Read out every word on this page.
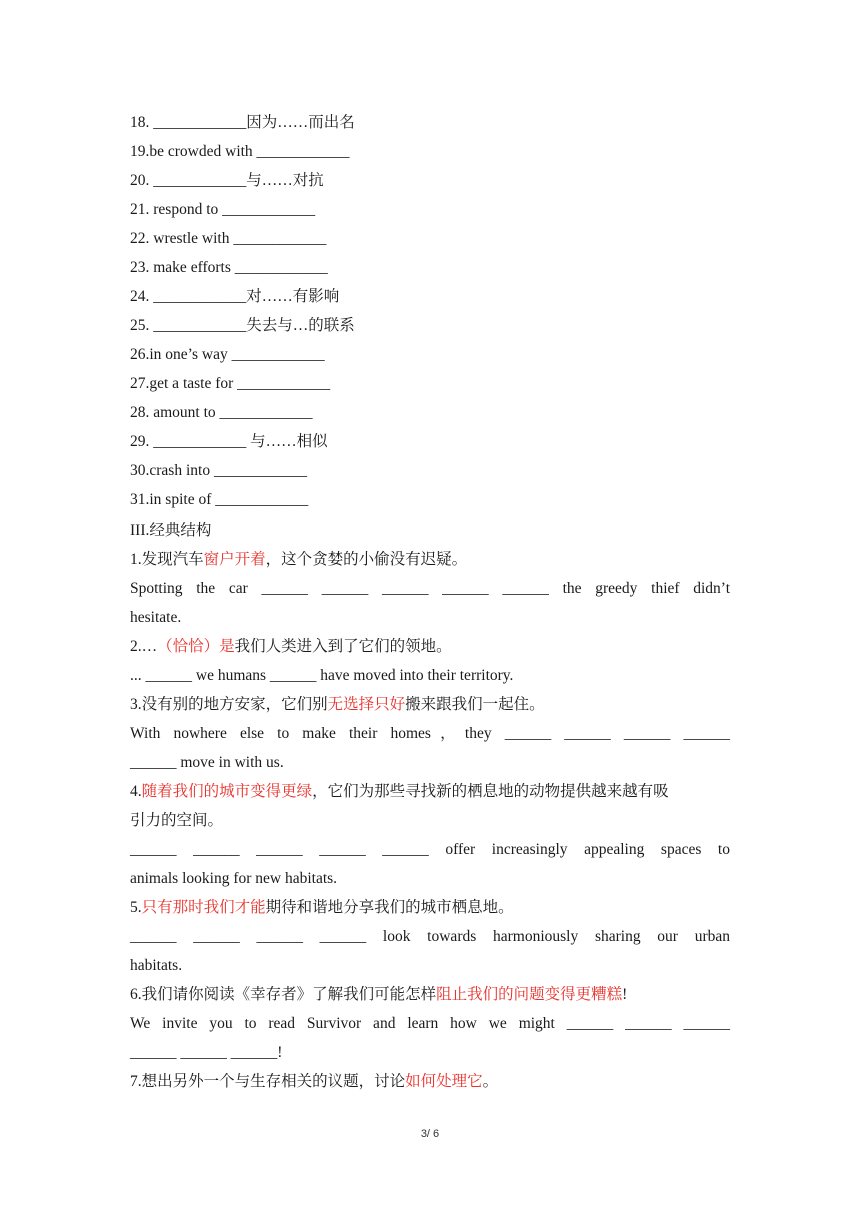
18. ____________因为……而出名
19.be crowded with ____________
20. ____________与……对抗
21. respond to ____________
22. wrestle with ____________
23. make efforts ____________
24. ____________对……有影响
25. ____________失去与…的联系
26.in one’s way ____________
27.get a taste for ____________
28. amount to ____________
29. ____________ 与……相似
30.crash into ____________
31.in spite of ____________
III.经典结构
1.发现汽车窗户开着，这个贪婪的小偷没有迟疑。
Spotting the car ______ ______ ______ ______ ______ the greedy thief didn’t
hesitate.
2.…（恰恰）是我们人类进入到了它们的领地。
... ______ we humans ______ have moved into their territory.
3.没有别的地方安家，它们别无选择只好搬来跟我们一起住。
With nowhere else to make their homes，they ______ ______ ______ ______
______ move in with us.
4.随着我们的城市变得更绿，它们为那些寻找新的栖息地的动物提供越来越有吸
引力的空间。
______ ______ ______ ______ ______ offer increasingly appealing spaces to
animals looking for new habitats.
5.只有那时我们才能期待和谐地分享我们的城市栖息地。
______ ______ ______ ______ look towards harmoniously sharing our urban
habitats.
6.我们请你阅读《幸存者》了解我们可能怎样阻止我们的问题变得更糟糕!
We invite you to read Survivor and learn how we might ______ ______ ______
______ ______ ______!
7.想出另外一个与生存相关的议题，讨论如何处理它。
3/ 6
